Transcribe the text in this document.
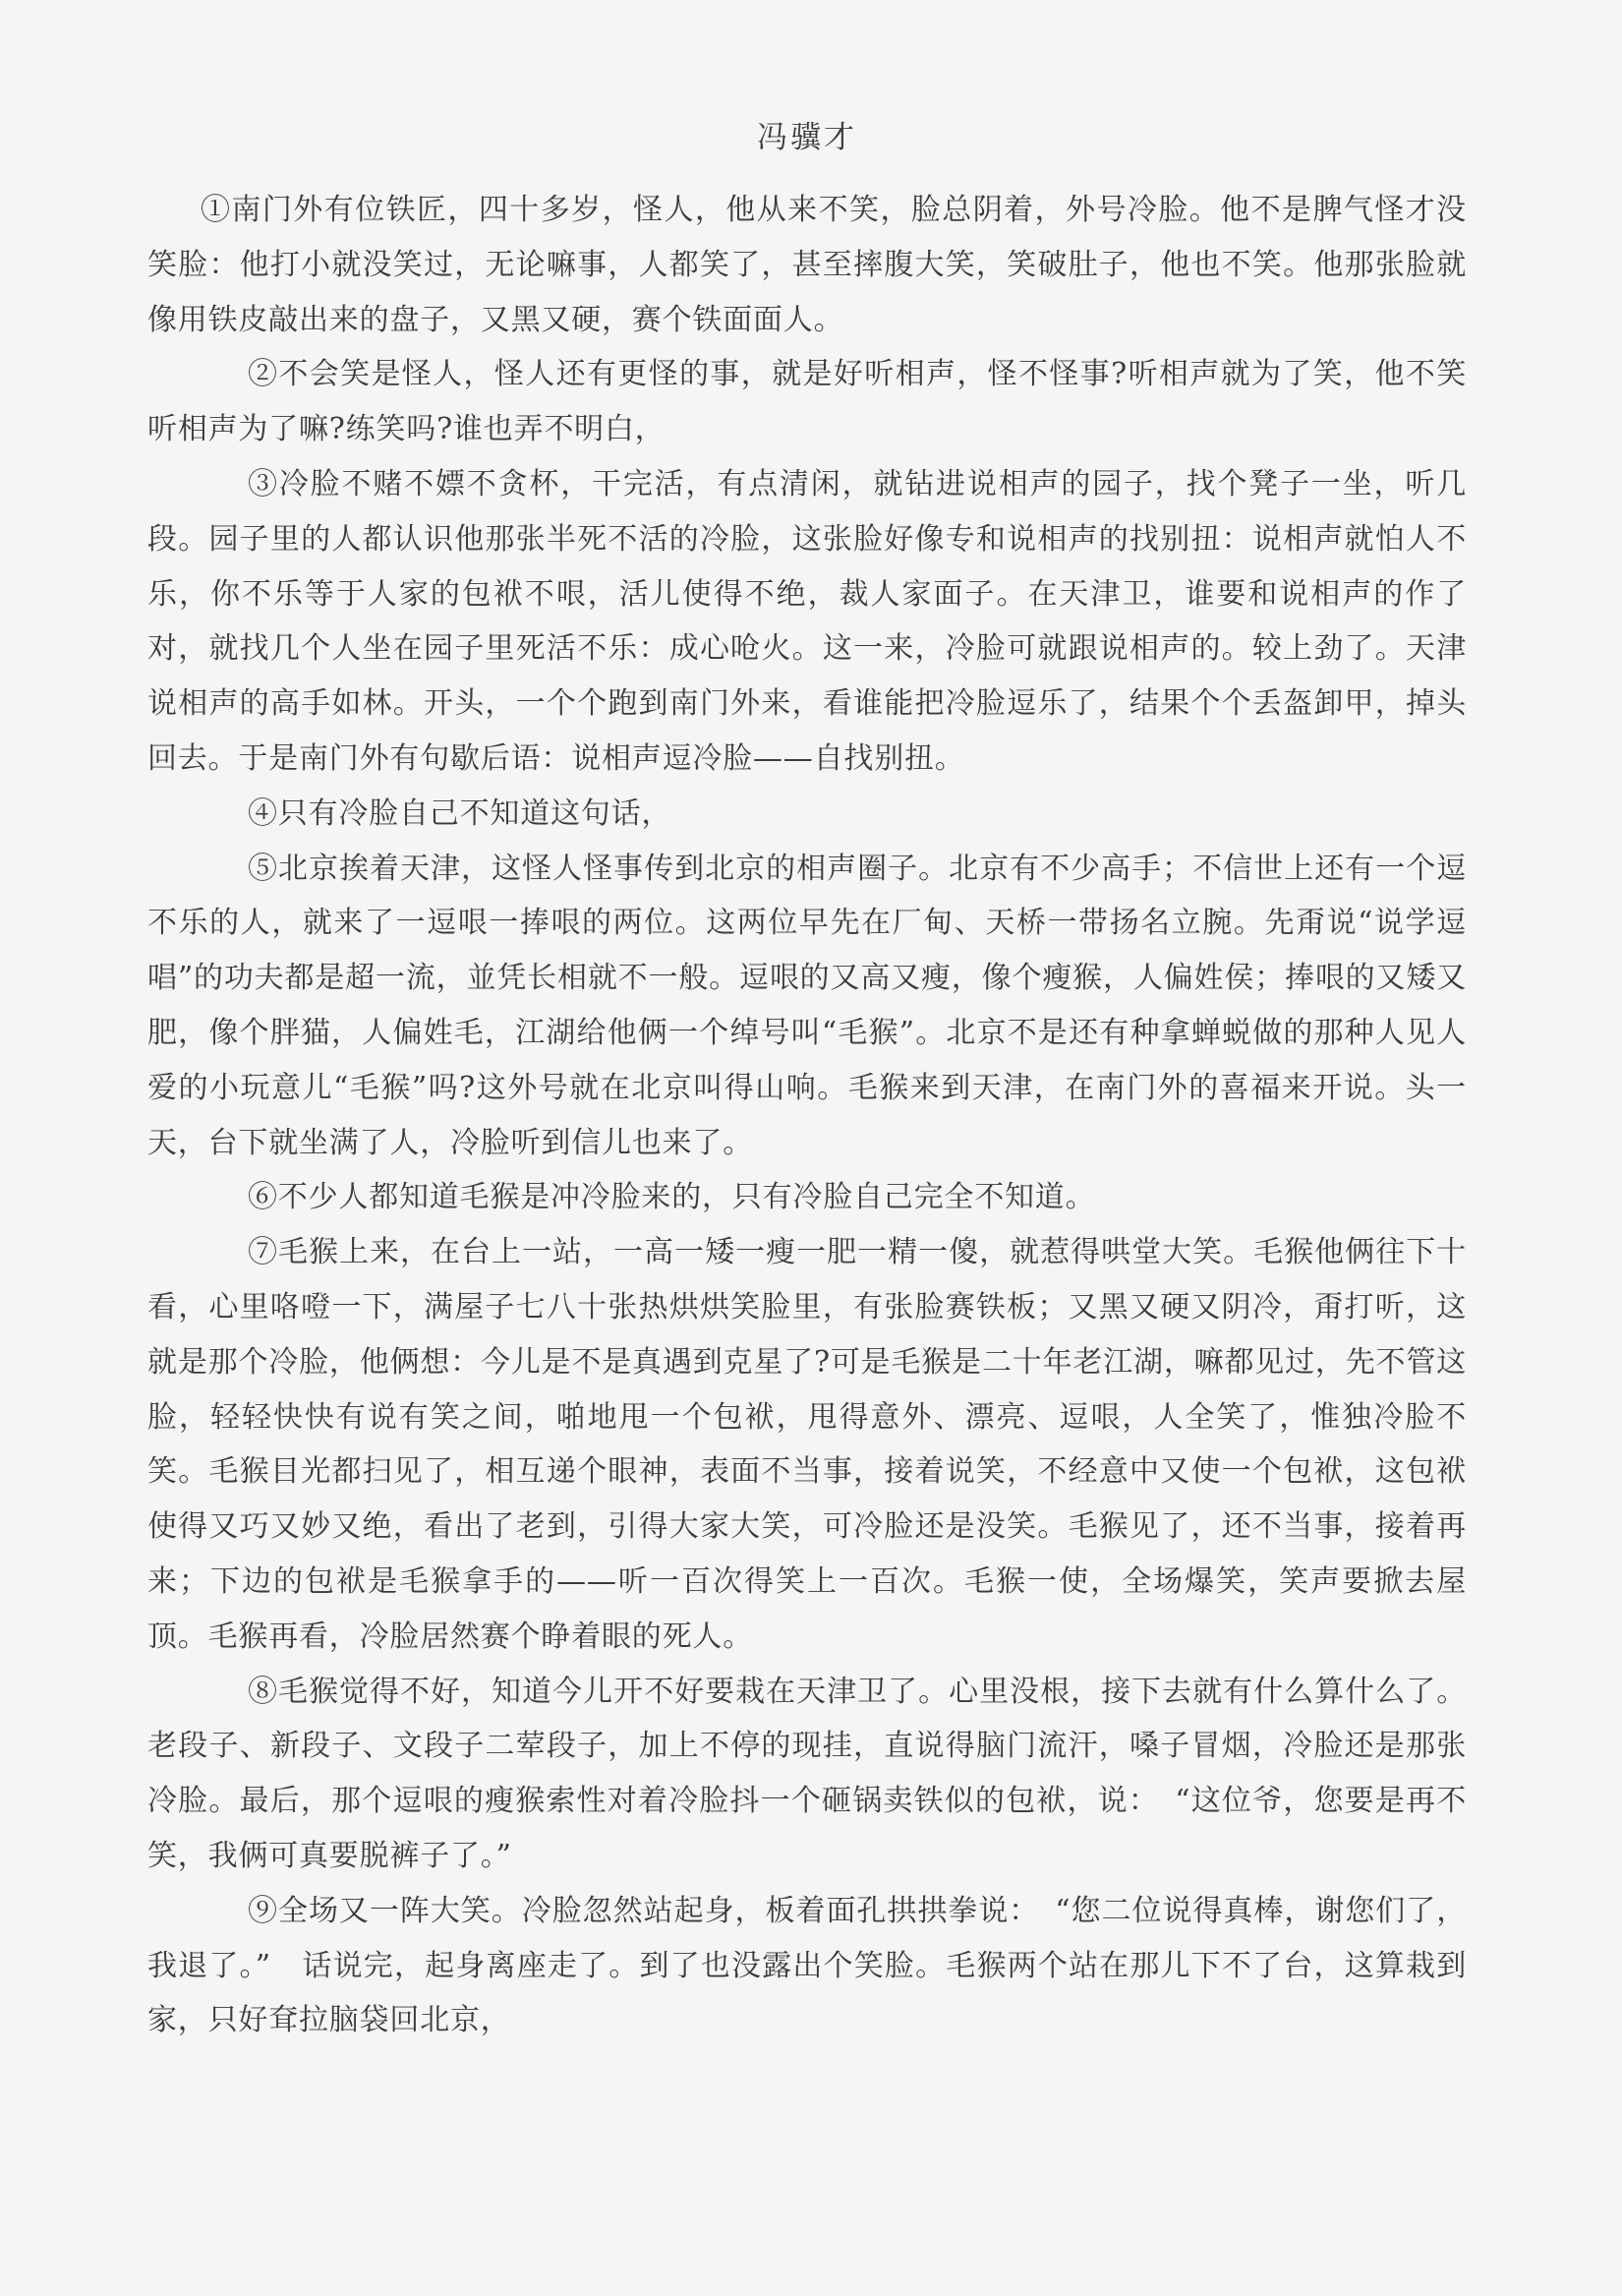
冯骥才

①南门外有位铁匠，四十多岁，怪人，他从来不笑，脸总阴着，外号冷脸。他不是脾气怪才没笑脸：他打小就没笑过，无论嘛事，人都笑了，甚至摔腹大笑，笑破肚子，他也不笑。他那张脸就像用铁皮敲出来的盘子，又黑又硬，赛个铁面面人。

②不会笑是怪人，怪人还有更怪的事，就是好听相声，怪不怪事?听相声就为了笑，他不笑听相声为了嘛?练笑吗?谁也弄不明白，

③冷脸不赌不嫖不贪杯，干完活，有点清闲，就钻进说相声的园子，找个凳子一坐，听几段。园子里的人都认识他那张半死不活的冷脸，这张脸好像专和说相声的找别扭：说相声就怕人不乐，你不乐等于人家的包袱不哏，活儿使得不绝，裁人家面子。在天津卫，谁要和说相声的作了对，就找几个人坐在园子里死活不乐：成心呛火。这一来，冷脸可就跟说相声的。较上劲了。天津说相声的高手如林。开头，一个个跑到南门外来，看谁能把冷脸逗乐了，结果个个丢盔卸甲，掉头回去。于是南门外有句歇后语：说相声逗冷脸——自找别扭。

④只有冷脸自己不知道这句话，

⑤北京挨着天津，这怪人怪事传到北京的相声圈子。北京有不少高手；不信世上还有一个逗不乐的人，就来了一逗哏一捧哏的两位。这两位早先在厂甸、天桥一带扬名立腕。先甭说“说学逗唱”的功夫都是超一流，並凭长相就不一般。逗哏的又高又瘦，像个瘦猴，人偏姓侯；捧哏的又矮又肥，像个胖猫，人偏姓毛，江湖给他俩一个绰号叫“毛猴”。北京不是还有种拿蝉蜕做的那种人见人爱的小玩意儿“毛猴”吗?这外号就在北京叫得山响。毛猴来到天津，在南门外的喜福来开说。头一天，台下就坐满了人，冷脸听到信儿也来了。

⑥不少人都知道毛猴是冲冷脸来的，只有冷脸自己完全不知道。

⑦毛猴上来，在台上一站，一高一矮一瘦一肥一精一傻，就惹得哄堂大笑。毛猴他俩往下十看，心里咯噔一下，满屋子七八十张热烘烘笑脸里，有张脸赛铁板；又黑又硬又阴冷，甭打听，这就是那个冷脸，他俩想：今儿是不是真遇到克星了?可是毛猴是二十年老江湖，嘛都见过，先不管这脸，轻轻快快有说有笑之间，啪地甩一个包袱，甩得意外、漂亮、逗哏，人全笑了，惟独冷脸不笑。毛猴目光都扫见了，相互递个眼神，表面不当事，接着说笑，不经意中又使一个包袱，这包袱使得又巧又妙又绝，看出了老到，引得大家大笑，可冷脸还是没笑。毛猴见了，还不当事，接着再来；下边的包袱是毛猴拿手的——听一百次得笑上一百次。毛猴一使，全场爆笑，笑声要掀去屋顶。毛猴再看，冷脸居然赛个睁着眼的死人。

⑧毛猴觉得不好，知道今儿开不好要栽在天津卫了。心里没根，接下去就有什么算什么了。老段子、新段子、文段子二荤段子，加上不停的现挂，直说得脑门流汗，嗓子冒烟，冷脸还是那张冷脸。最后，那个逗哏的瘦猴索性对着冷脸抖一个砸锅卖铁似的包袱，说：　“这位爷，您要是再不笑，我俩可真要脱裤子了。”

⑨全场又一阵大笑。冷脸忽然站起身，板着面孔拱拱拳说：　“您二位说得真棒，谢您们了，我退了。”　话说完，起身离座走了。到了也没露出个笑脸。毛猴两个站在那儿下不了台，这算栽到家，只好耷拉脑袋回北京，
